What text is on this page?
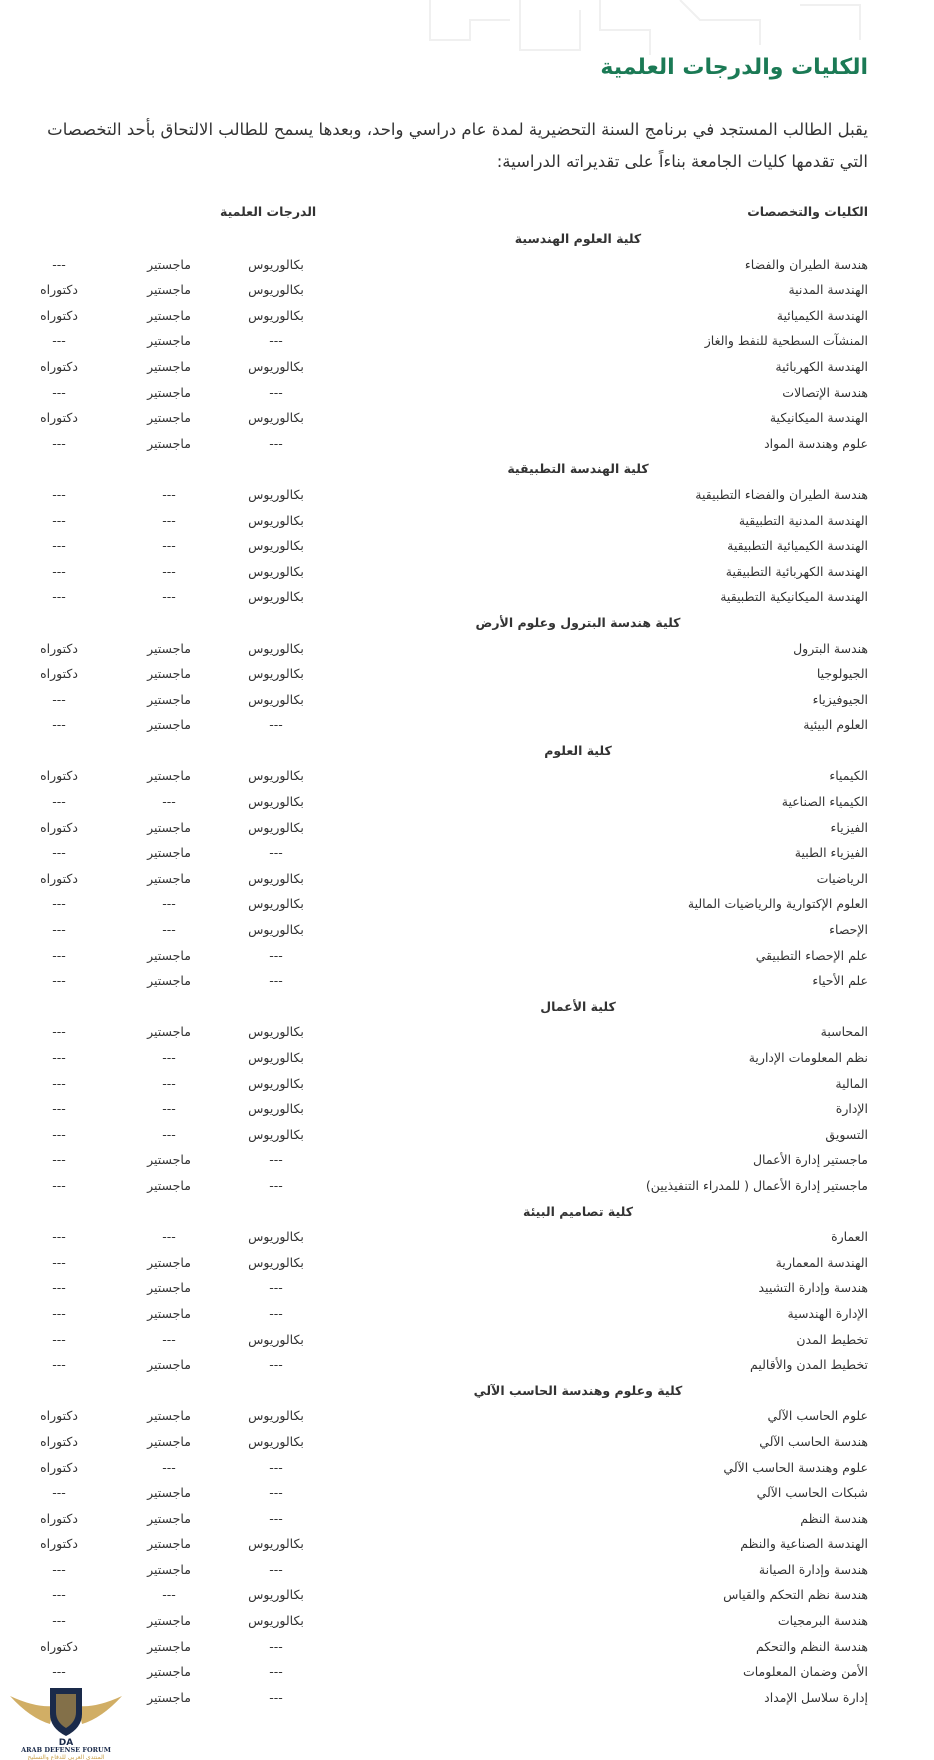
الكليات والدرجات العلمية

يقبل الطالب المستجد في برنامج السنة التحضيرية لمدة عام دراسي واحد، وبعدها يسمح للطالب الالتحاق بأحد التخصصات التي تقدمها كليات الجامعة بناءاً على تقديراته الدراسية:

الكليات والتخصصات
الدرجات العلمية
كلية العلوم الهندسية
هندسة الطيران والفضاء
بكالوريوس
ماجستير
---
الهندسة المدنية
بكالوريوس
ماجستير
دكتوراه
الهندسة الكيميائية
بكالوريوس
ماجستير
دكتوراه
المنشآت السطحية للنفط والغاز
---
ماجستير
---
الهندسة الكهربائية
بكالوريوس
ماجستير
دكتوراه
هندسة الإتصالات
---
ماجستير
---
الهندسة الميكانيكية
بكالوريوس
ماجستير
دكتوراه
علوم وهندسة المواد
---
ماجستير
---
كلية الهندسة التطبيقية
هندسة الطيران والفضاء التطبيقية
بكالوريوس
---
---
الهندسة المدنية التطبيقية
بكالوريوس
---
---
الهندسة الكيميائية التطبيقية
بكالوريوس
---
---
الهندسة الكهربائية التطبيقية
بكالوريوس
---
---
الهندسة الميكانيكية التطبيقية
بكالوريوس
---
---
كلية هندسة البترول وعلوم الأرض
هندسة البترول
بكالوريوس
ماجستير
دكتوراه
الجيولوجيا
بكالوريوس
ماجستير
دكتوراه
الجيوفيزياء
بكالوريوس
ماجستير
---
العلوم البيئية
---
ماجستير
---
كلية العلوم
الكيمياء
بكالوريوس
ماجستير
دكتوراه
الكيمياء الصناعية
بكالوريوس
---
---
الفيزياء
بكالوريوس
ماجستير
دكتوراه
الفيزياء الطبية
---
ماجستير
---
الرياضيات
بكالوريوس
ماجستير
دكتوراه
العلوم الإكتوارية والرياضيات المالية
بكالوريوس
---
---
الإحصاء
بكالوريوس
---
---
علم الإحصاء التطبيقي
---
ماجستير
---
علم الأحياء
---
ماجستير
---
كلية الأعمال
المحاسبة
بكالوريوس
ماجستير
---
نظم المعلومات الإدارية
بكالوريوس
---
---
المالية
بكالوريوس
---
---
الإدارة
بكالوريوس
---
---
التسويق
بكالوريوس
---
---
ماجستير إدارة الأعمال
---
ماجستير
---
ماجستير إدارة الأعمال ( للمدراء التنفيذيين)
---
ماجستير
---
كلية تصاميم البيئة
العمارة
بكالوريوس
---
---
الهندسة المعمارية
بكالوريوس
ماجستير
---
هندسة وإدارة التشييد
---
ماجستير
---
الإدارة الهندسية
---
ماجستير
---
تخطيط المدن
بكالوريوس
---
---
تخطيط المدن والأقاليم
---
ماجستير
---
كلية وعلوم وهندسة الحاسب الآلي
علوم الحاسب الآلي
بكالوريوس
ماجستير
دكتوراه
هندسة الحاسب الآلي
بكالوريوس
ماجستير
دكتوراه
علوم وهندسة الحاسب الآلي
---
---
دكتوراه
شبكات الحاسب الآلي
---
ماجستير
---
هندسة النظم
---
ماجستير
دكتوراه
الهندسة الصناعية والنظم
بكالوريوس
ماجستير
دكتوراه
هندسة وإدارة الصيانة
---
ماجستير
---
هندسة نظم التحكم والقياس
بكالوريوس
---
---
هندسة البرمجيات
بكالوريوس
ماجستير
---
هندسة النظم والتحكم
---
ماجستير
دكتوراه
الأمن وضمان المعلومات
---
ماجستير
---
إدارة سلاسل الإمداد
---
ماجستير
DA
ARAB DEFENSE FORUM
المنتدى العربي للدفاع والتسليح
